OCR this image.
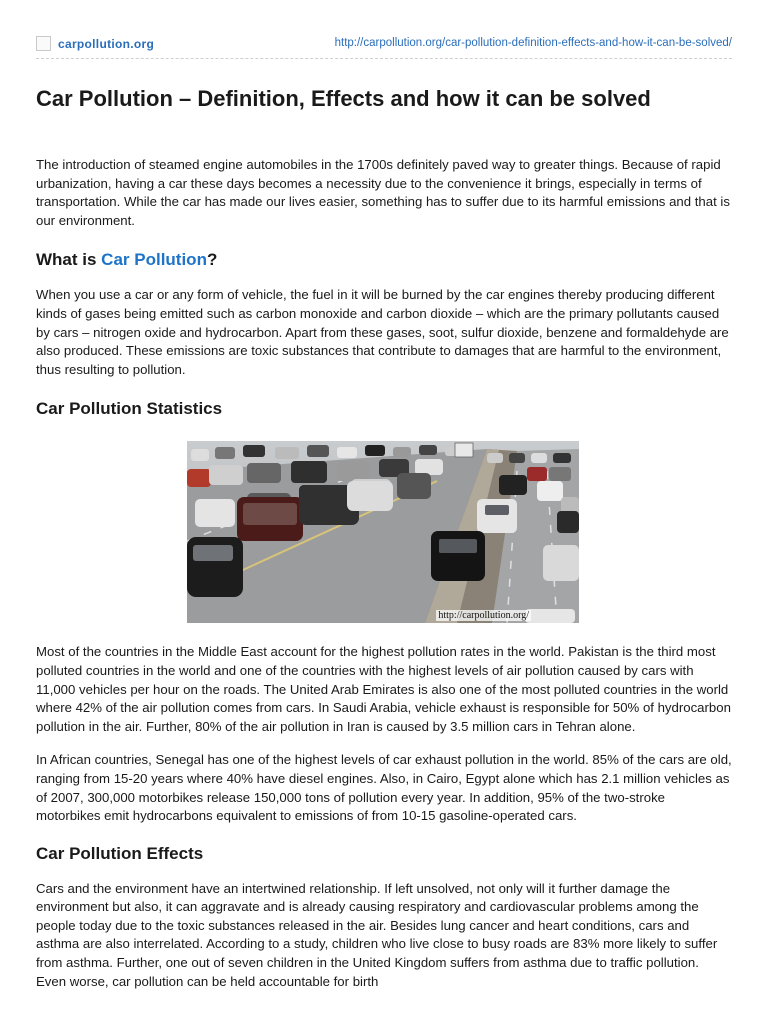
carpollution.org	http://carpollution.org/car-pollution-definition-effects-and-how-it-can-be-solved/
Car Pollution – Definition, Effects and how it can be solved

The introduction of steamed engine automobiles in the 1700s definitely paved way to greater things. Because of rapid urbanization, having a car these days becomes a necessity due to the convenience it brings, especially in terms of transportation. While the car has made our lives easier, something has to suffer due to its harmful emissions and that is our environment.

What is Car Pollution?

When you use a car or any form of vehicle, the fuel in it will be burned by the car engines thereby producing different kinds of gases being emitted such as carbon monoxide and carbon dioxide – which are the primary pollutants caused by cars – nitrogen oxide and hydrocarbon. Apart from these gases, soot, sulfur dioxide, benzene and formaldehyde are also produced. These emissions are toxic substances that contribute to damages that are harmful to the environment, thus resulting to pollution.

Car Pollution Statistics
http://carpollution.org/

Most of the countries in the Middle East account for the highest pollution rates in the world. Pakistan is the third most polluted countries in the world and one of the countries with the highest levels of air pollution caused by cars with 11,000 vehicles per hour on the roads. The United Arab Emirates is also one of the most polluted countries in the world where 42% of the air pollution comes from cars. In Saudi Arabia, vehicle exhaust is responsible for 50% of hydrocarbon pollution in the air. Further, 80% of the air pollution in Iran is caused by 3.5 million cars in Tehran alone.

In African countries, Senegal has one of the highest levels of car exhaust pollution in the world. 85% of the cars are old, ranging from 15-20 years where 40% have diesel engines. Also, in Cairo, Egypt alone which has 2.1 million vehicles as of 2007, 300,000 motorbikes release 150,000 tons of pollution every year. In addition, 95% of the two-stroke motorbikes emit hydrocarbons equivalent to emissions of from 10-15 gasoline-operated cars.

Car Pollution Effects

Cars and the environment have an intertwined relationship. If left unsolved, not only will it further damage the environment but also, it can aggravate and is already causing respiratory and cardiovascular problems among the people today due to the toxic substances released in the air. Besides lung cancer and heart conditions, cars and asthma are also interrelated. According to a study, children who live close to busy roads are 83% more likely to suffer from asthma. Further, one out of seven children in the United Kingdom suffers from asthma due to traffic pollution. Even worse, car pollution can be held accountable for birth
